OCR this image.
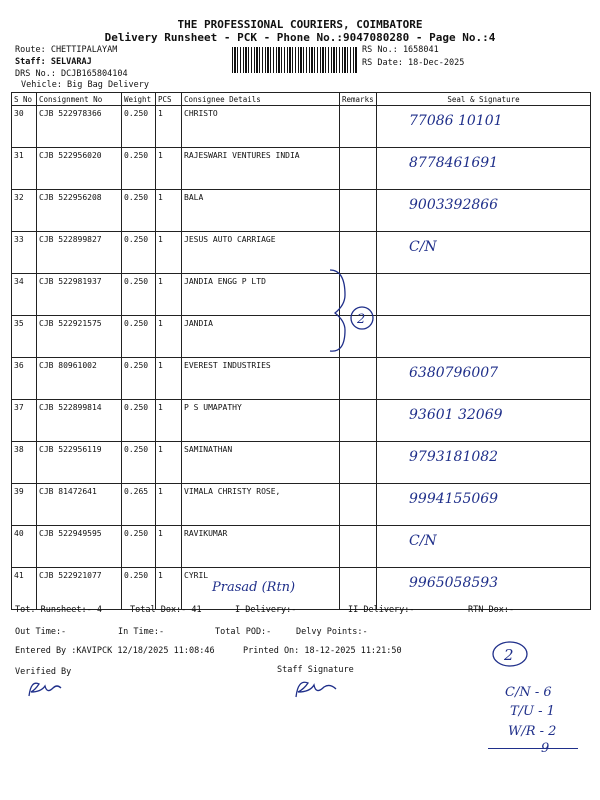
THE PROFESSIONAL COURIERS, COIMBATORE
Delivery Runsheet - PCK - Phone No.:9047080280 - Page No.:4
Route: CHETTIPALAYAM
Staff: SELVARAJ
DRS No.: DCJB165804104
Vehicle: Big Bag Delivery
RS No.: 1658041
RS Date: 18-Dec-2025
S No	Consignment No	Weight	PCS	Consignee Details	Remarks	Seal & Signature
30	CJB 522978366	0.250	1	CHRISTO		77086 10101
31	CJB 522956020	0.250	1	RAJESWARI VENTURES INDIA		8778461691
32	CJB 522956208	0.250	1	BALA		9003392866
33	CJB 522899827	0.250	1	JESUS AUTO CARRIAGE		C/N
34	CJB 522981937	0.250	1	JANDIA ENGG P LTD		
35	CJB 522921575	0.250	1	JANDIA		
36	CJB 80961002	0.250	1	EVEREST INDUSTRIES		6380796007
37	CJB 522899814	0.250	1	P S UMAPATHY		93601 32069
38	CJB 522956119	0.250	1	SAMINATHAN		9793181082
39	CJB 81472641	0.265	1	VIMALA CHRISTY ROSE,		9994155069
40	CJB 522949595	0.250	1	RAVIKUMAR		C/N
41	CJB 522921077	0.250	1	CYRIL		9965058593
Prasad (Rtn)
2
Tot. Runsheet:- 4	Total Dox:- 41	I Delivery:-	II Delivery:-	RTN Dox:-
Out Time:-	In Time:-	Total POD:-	Delvy Points:-
Entered By :KAVIPCK 12/18/2025 11:08:46	Printed On: 18-12-2025 11:21:50	2
Verified By	Staff Signature
C/N - 6
T/U - 1
W/R - 2
9
